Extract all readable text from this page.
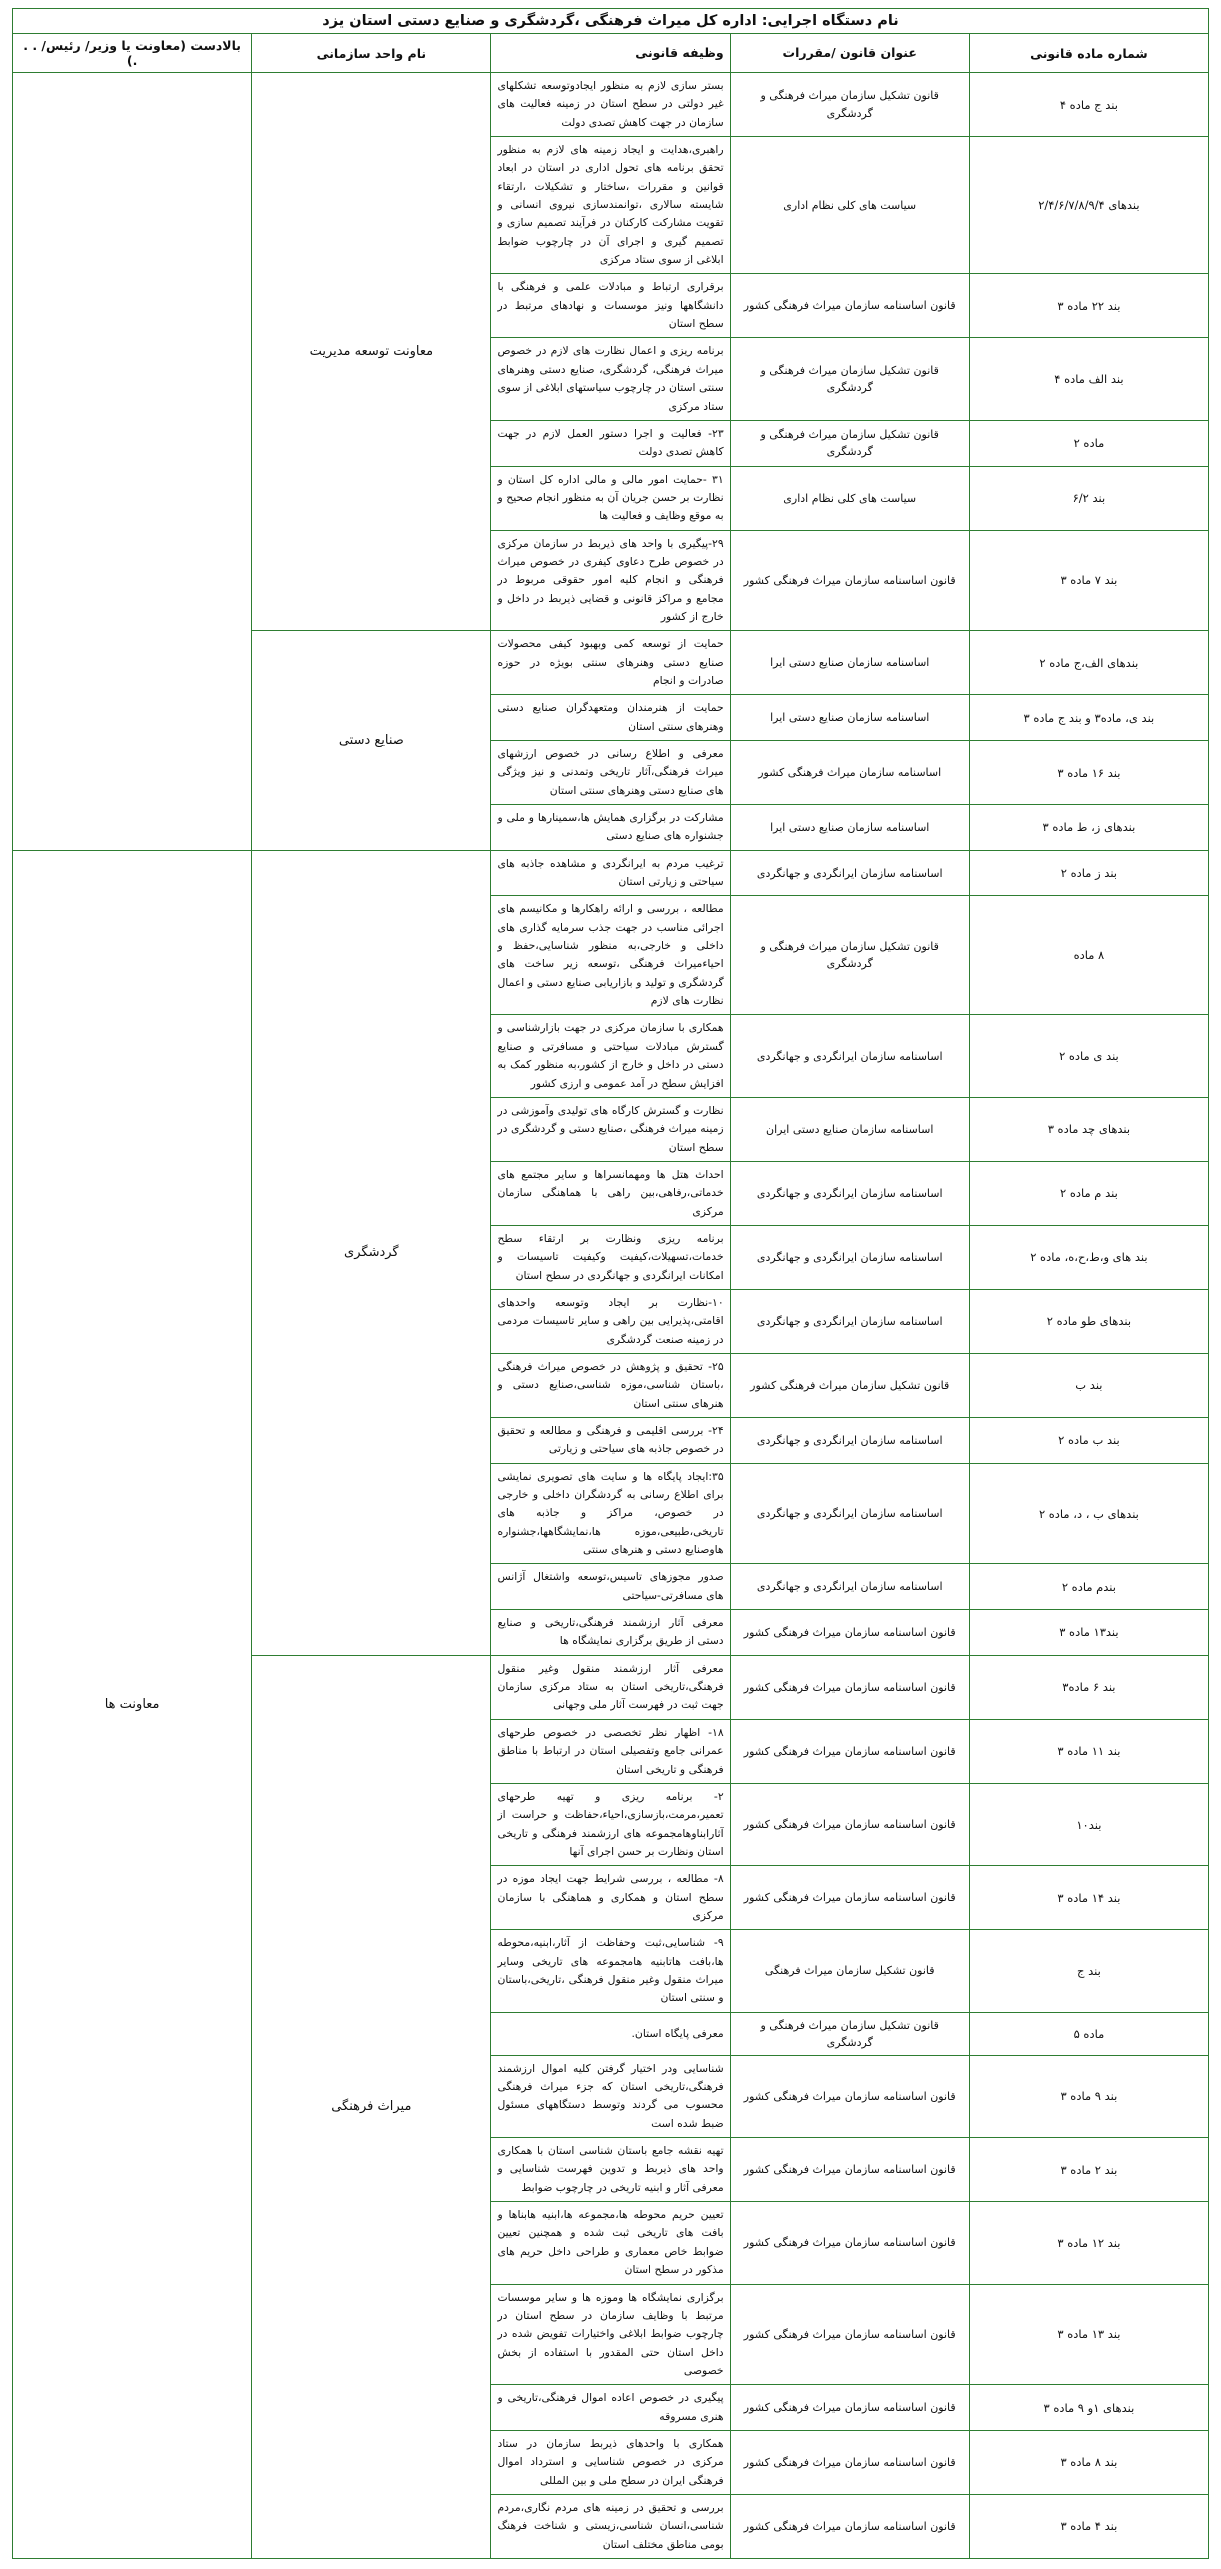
نام دستگاه اجرایی: اداره کل میراث فرهنگی ،گردشگری و صنایع دستی استان یزد				
شماره ماده قانونی	عنوان قانون /مقررات	وظیفه قانونی	نام واحد سازمانی	بالادست (معاونت یا وزیر/ رئیس/ . . .)
بند ج ماده ۴	قانون تشکیل سازمان میراث فرهنگی و گردشگری	بستر سازی لازم به منظور ایجادوتوسعه تشکلهای غیر دولتی در سطح استان در زمینه فعالیت های سازمان در جهت کاهش تصدی دولت	معاونت توسعه مدیریت	
بندهای ۲/۴/۶/۷/۸/۹/۴	سیاست های کلی نظام اداری	راهبری،هدایت و ایجاد زمینه های لازم به منظور تحقق برنامه های تحول اداری در استان در ابعاد قوانین و مقررات ،ساختار و تشکیلات ،ارتقاء شایسته سالاری ،توانمندسازی نیروی انسانی و تقویت مشارکت کارکنان در فرآیند تصمیم سازی و تصمیم گیری و اجرای آن در چارچوب ضوابط ابلاغی از سوی ستاد مرکزی		
بند ۲۲ ماده ۳	قانون اساسنامه سازمان میراث فرهنگی کشور	برقراری ارتباط و مبادلات علمی و فرهنگی با دانشگاهها ونیز موسسات و نهادهای مرتبط در سطح استان		
بند الف ماده ۴	قانون تشکیل سازمان میراث فرهنگی و گردشگری	برنامه ریزی و اعمال نظارت های لازم در خصوص میراث فرهنگی، گردشگری، صنایع دستی وهنرهای سنتی استان در چارچوب سیاستهای ابلاغی از سوی ستاد مرکزی		
ماده ۲	قانون تشکیل سازمان میراث فرهنگی و گردشگری	۲۳- فعالیت و اجرا دستور العمل لازم در جهت کاهش تصدی دولت		
بند ۶/۲	سیاست های کلی نظام اداری	۳۱ -حمایت امور مالی و مالی اداره کل استان و نظارت بر حسن جریان آن به منظور انجام صحیح و به موقع وظایف و فعالیت ها		
بند ۷ ماده ۳	قانون اساسنامه سازمان میراث فرهنگی کشور	۲۹-پیگیری با واحد های ذیربط در سازمان مرکزی در خصوص طرح دعاوی کیفری در خصوص میراث فرهنگی و انجام کلیه امور حقوقی مربوط در مجامع و مراکز قانونی و قضایی ذیربط در داخل و خارج از کشور		
بندهای الف،ج ماده ۲	اساسنامه سازمان صنایع دستی ایرا	حمایت از توسعه کمی وبهبود کیفی محصولات صنایع دستی وهنرهای سنتی بویژه در حوزه صادرات و انجام	صنایع دستی	
بند ی، ماده۳ و بند ج ماده ۳	اساسنامه سازمان صنایع دستی ایرا	حمایت از هنرمندان ومتعهدگران صنایع دستی وهنرهای سنتی استان		
بند ۱۶ ماده ۳	اساسنامه سازمان میراث فرهنگی کشور	معرفی و اطلاع رسانی در خصوص ارزشهای میراث فرهنگی،آثار تاریخی وتمدنی و نیز ویژگی های صنایع دستی وهنرهای سنتی استان		
بندهای ز، ط ماده ۳	اساسنامه سازمان صنایع دستی ایرا	مشارکت در برگزاری همایش ها،سمینارها و ملی و جشنواره های صنایع دستی		
بند ز ماده ۲	اساسنامه سازمان ایرانگردی و جهانگردی	ترغیب مردم به ایرانگردی و مشاهده جاذبه های سیاحتی و زیارتی استان	گردشگری	معاونت ها
۸ ماده	قانون تشکیل سازمان میراث فرهنگی و گردشگری	مطالعه ، بررسی و ارائه راهکارها و مکانیسم های اجرائی مناسب در جهت جذب سرمایه گذاری های داخلی و خارجی،به منظور شناسایی،حفظ و احیاءمیراث فرهنگی ،توسعه زیر ساخت های گردشگری و تولید و بازاریابی صنایع دستی و اعمال نظارت های لازم		
بند ی ماده ۲	اساسنامه سازمان ایرانگردی و جهانگردی	همکاری با سازمان مرکزی در جهت بازارشناسی و گسترش مبادلات سیاحتی و مسافرتی و صنایع دستی در داخل و خارج از کشور،به منظور کمک به افزایش سطح در آمد عمومی و ارزی کشور		
بندهای چد ماده ۳	اساسنامه سازمان صنایع دستی ایران	نظارت و گسترش کارگاه های تولیدی وآموزشی در زمینه میراث فرهنگی ،صنایع دستی و گردشگری در سطح استان		
بند م ماده ۲	اساسنامه سازمان ایرانگردی و جهانگردی	احداث هتل ها ومهمانسراها و سایر مجتمع های خدماتی،رفاهی،بین راهی با هماهنگی سازمان مرکزی		
بند های و،ط،ح،ه، ماده ۲	اساسنامه سازمان ایرانگردی و جهانگردی	برنامه ریزی ونظارت بر ارتقاء سطح خدمات،تسهیلات،کیفیت وکیفیت تاسیسات و امکانات ایرانگردی و جهانگردی در سطح استان		
بندهای طو ماده ۲	اساسنامه سازمان ایرانگردی و جهانگردی	۱۰-نظارت بر ایجاد وتوسعه واحدهای اقامتی،پذیرایی بین راهی و سایر تاسیسات مردمی در زمینه صنعت گردشگری		
بند ب	قانون تشکیل سازمان میراث فرهنگی کشور	۲۵- تحقیق و پژوهش در خصوص میراث فرهنگی ،باستان شناسی،موزه شناسی،صنایع دستی و هنرهای سنتی استان		
بند ب ماده ۲	اساسنامه سازمان ایرانگردی و جهانگردی	۲۴- بررسی اقلیمی و فرهنگی و مطالعه و تحقیق در خصوص جاذبه های سیاحتی و زیارتی		
بندهای ب ، د، ماده ۲	اساسنامه سازمان ایرانگردی و جهانگردی	۳۵:ایجاد پایگاه ها و سایت های تصویری نمایشی برای اطلاع رسانی به گردشگران داخلی و خارجی در خصوص، مراکز و جاذبه های تاریخی،طبیعی،موزه ها،نمایشگاهها،جشنواره هاوصنایع دستی و هنرهای سنتی		
بندم ماده ۲	اساسنامه سازمان ایرانگردی و جهانگردی	صدور مجوزهای تاسیس،توسعه واشتغال آژانس های مسافرتی-سیاحتی		
بند۱۳ ماده ۳	قانون اساسنامه سازمان میراث فرهنگی کشور	معرفی آثار ارزشمند فرهنگی،تاریخی و صنایع دستی از طریق برگزاری نمایشگاه ها		
بند ۶ ماده۳	قانون اساسنامه سازمان میراث فرهنگی کشور	معرفی آثار ارزشمند منقول وغیر منقول فرهنگی،تاریخی استان به ستاد مرکزی سازمان جهت ثبت در فهرست آثار ملی وجهانی	میراث فرهنگی	
بند ۱۱ ماده ۳	قانون اساسنامه سازمان میراث فرهنگی کشور	۱۸- اظهار نظر تخصصی در خصوص طرحهای عمرانی جامع وتفصیلی استان در ارتباط با مناطق فرهنگی و تاریخی استان		
بند۱۰	قانون اساسنامه سازمان میراث فرهنگی کشور	۲- برنامه ریزی و تهیه طرحهای تعمیر،مرمت،بازسازی،احیاء،حفاظت و حراست از آثارابناوهامجموعه های ارزشمند فرهنگی و تاریخی استان ونظارت بر حسن اجرای آنها		
بند ۱۴ ماده ۳	قانون اساسنامه سازمان میراث فرهنگی کشور	۸- مطالعه ، بررسی شرایط جهت ایجاد موزه در سطح استان و همکاری و هماهنگی با سازمان مرکزی		
بند ج	قانون تشکیل سازمان میراث فرهنگی	۹- شناسایی،ثبت وحفاظت از آثار،ابنیه،محوطه ها،بافت هاتابنیه هامجموعه های تاریخی وسایر میراث منقول وغیر منقول فرهنگی ،تاریخی،باستان و سنتی استان		
ماده ۵	قانون تشکیل سازمان میراث فرهنگی و گردشگری	معرفی پایگاه استان.		
بند ۹ ماده ۳	قانون اساسنامه سازمان میراث فرهنگی کشور	شناسایی ودر اختیار گرفتن کلیه اموال ارزشمند فرهنگی،تاریخی استان که جزء میراث فرهنگی محسوب می گردند وتوسط دستگاههای مسئول ضبط شده است		
بند ۲ ماده ۳	قانون اساسنامه سازمان میراث فرهنگی کشور	تهیه نقشه جامع باستان شناسی استان با همکاری واحد های ذیربط و تدوین فهرست شناسایی و معرفی آثار و ابنیه تاریخی در چارچوب ضوابط		
بند ۱۲ ماده ۳	قانون اساسنامه سازمان میراث فرهنگی کشور	تعیین حریم محوطه ها،مجموعه ها،ابنیه هابناها و بافت های تاریخی ثبت شده و همچنین تعیین ضوابط خاص معماری و طراحی داخل حریم های مذکور در سطح استان		
بند ۱۳ ماده ۳	قانون اساسنامه سازمان میراث فرهنگی کشور	برگزاری نمایشگاه ها وموزه ها و سایر موسسات مرتبط با وظایف سازمان در سطح استان در چارچوب ضوابط ابلاغی واختیارات تفویض شده در داخل استان حتی المقدور با استفاده از بخش خصوصی		
بندهای ۱و ۹ ماده ۳	قانون اساسنامه سازمان میراث فرهنگی کشور	پیگیری در خصوص اعاده اموال فرهنگی،تاریخی و هنری مسروقه		
بند ۸ ماده ۳	قانون اساسنامه سازمان میراث فرهنگی کشور	همکاری با واحدهای ذیربط سازمان در ستاد مرکزی در خصوص شناسایی و استرداد اموال فرهنگی ایران در سطح ملی و بین المللی		
بند ۴ ماده ۳	قانون اساسنامه سازمان میراث فرهنگی کشور	بررسی و تحقیق در زمینه های مردم نگاری،مردم شناسی،انسان شناسی،زیستی و شناخت فرهنگ بومی مناطق مختلف استان		
